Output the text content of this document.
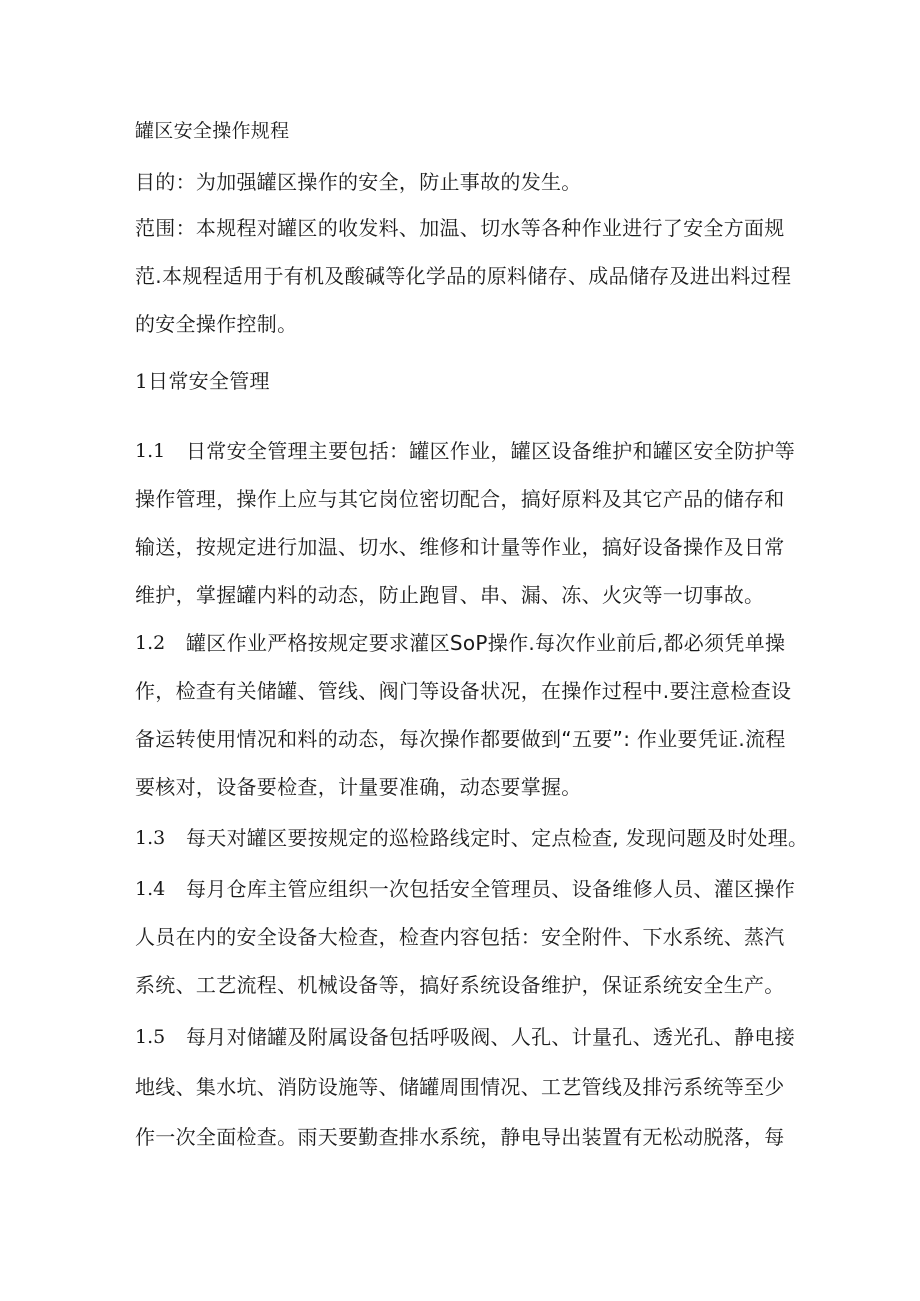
罐区安全操作规程
目的：为加强罐区操作的安全，防止事故的发生。
范围：本规程对罐区的收发料、加温、切水等各种作业进行了安全方面规
范.本规程适用于有机及酸碱等化学品的原料储存、成品储存及进出料过程
的安全操作控制。
1日常安全管理
1.1 日常安全管理主要包括：罐区作业，罐区设备维护和罐区安全防护等
操作管理，操作上应与其它岗位密切配合，搞好原料及其它产品的储存和
输送，按规定进行加温、切水、维修和计量等作业，搞好设备操作及日常
维护，掌握罐内料的动态，防止跑冒、串、漏、冻、火灾等一切事故。
1.2 罐区作业严格按规定要求灌区SoP操作.每次作业前后,都必须凭单操
作，检查有关储罐、管线、阀门等设备状况，在操作过程中.要注意检查设
备运转使用情况和料的动态，每次操作都要做到“五要”: 作业要凭证.流程
要核对，设备要检查，计量要准确，动态要掌握。
1.3 每天对罐区要按规定的巡检路线定时、定点检查, 发现问题及时处理。
1.4 每月仓库主管应组织一次包括安全管理员、设备维修人员、灌区操作
人员在内的安全设备大检查，检查内容包括：安全附件、下水系统、蒸汽
系统、工艺流程、机械设备等，搞好系统设备维护，保证系统安全生产。
1.5 每月对储罐及附属设备包括呼吸阀、人孔、计量孔、透光孔、静电接
地线、集水坑、消防设施等、储罐周围情况、工艺管线及排污系统等至少
作一次全面检查。雨天要勤查排水系统，静电导出装置有无松动脱落，每
